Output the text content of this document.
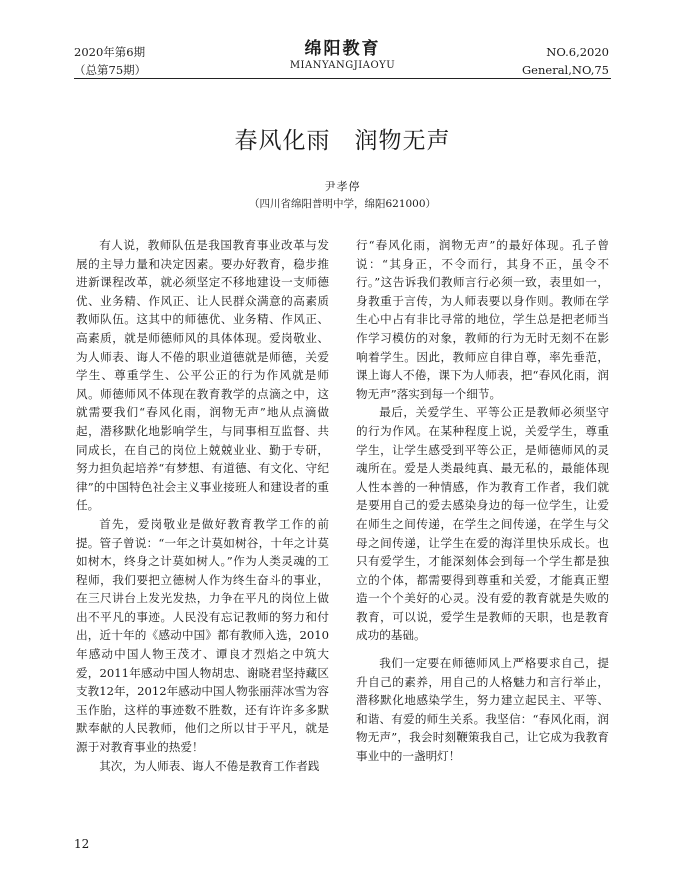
2020年第6期
（总第75期）
绵阳教育
MIANYANGJIAOYU
NO.6,2020
General,NO,75
春风化雨　润物无声
尹孝停
（四川省绵阳普明中学，绵阳621000）

有人说，教师队伍是我国教育事业改革与发展的主导力量和决定因素。要办好教育，稳步推进新课程改革，就必须坚定不移地建设一支师德优、业务精、作风正、让人民群众满意的高素质教师队伍。这其中的师德优、业务精、作风正、高素质，就是师德师风的具体体现。爱岗敬业、为人师表、诲人不倦的职业道德就是师德，关爱学生、尊重学生、公平公正的行为作风就是师风。师德师风不体现在教育教学的点滴之中，这就需要我们“春风化雨，润物无声”地从点滴做起，潜移默化地影响学生，与同事相互监督、共同成长，在自己的岗位上兢兢业业、勤于专研，努力担负起培养“有梦想、有道德、有文化、守纪律”的中国特色社会主义事业接班人和建设者的重任。

首先，爱岗敬业是做好教育教学工作的前提。管子曾说：“一年之计莫如树谷，十年之计莫如树木，终身之计莫如树人。”作为人类灵魂的工程师，我们要把立德树人作为终生奋斗的事业，在三尺讲台上发光发热，力争在平凡的岗位上做出不平凡的事迹。人民没有忘记教师的努力和付出，近十年的《感动中国》都有教师入选，2010年感动中国人物王茂才、谭良才烈焰之中筑大爱，2011年感动中国人物胡忠、谢晓君坚持藏区支教12年，2012年感动中国人物张丽萍冰雪为容玉作胎，这样的事迹数不胜数，还有许许多多默默奉献的人民教师，他们之所以甘于平凡，就是源于对教育事业的热爱！

其次，为人师表、诲人不倦是教育工作者践

行“春风化雨，润物无声”的最好体现。孔子曾说：“其身正，不令而行，其身不正，虽令不行。”这告诉我们教师言行必须一致，表里如一，身教重于言传，为人师表要以身作则。教师在学生心中占有非比寻常的地位，学生总是把老师当作学习模仿的对象，教师的行为无时无刻不在影响着学生。因此，教师应自律自尊，率先垂范，课上诲人不倦，课下为人师表，把“春风化雨，润物无声”落实到每一个细节。

最后，关爱学生、平等公正是教师必须坚守的行为作风。在某种程度上说，关爱学生，尊重学生，让学生感受到平等公正，是师德师风的灵魂所在。爱是人类最纯真、最无私的，最能体现人性本善的一种情感，作为教育工作者，我们就是要用自己的爱去感染身边的每一位学生，让爱在师生之间传递，在学生之间传递，在学生与父母之间传递，让学生在爱的海洋里快乐成长。也只有爱学生，才能深刻体会到每一个学生都是独立的个体，都需要得到尊重和关爱，才能真正塑造一个个美好的心灵。没有爱的教育就是失败的教育，可以说，爱学生是教师的天职，也是教育成功的基础。

我们一定要在师德师风上严格要求自己，提升自己的素养，用自己的人格魅力和言行举止，潜移默化地感染学生，努力建立起民主、平等、和谐、有爱的师生关系。我坚信：“春风化雨，润物无声”，我会时刻鞭策我自己，让它成为我教育事业中的一盏明灯！

12
